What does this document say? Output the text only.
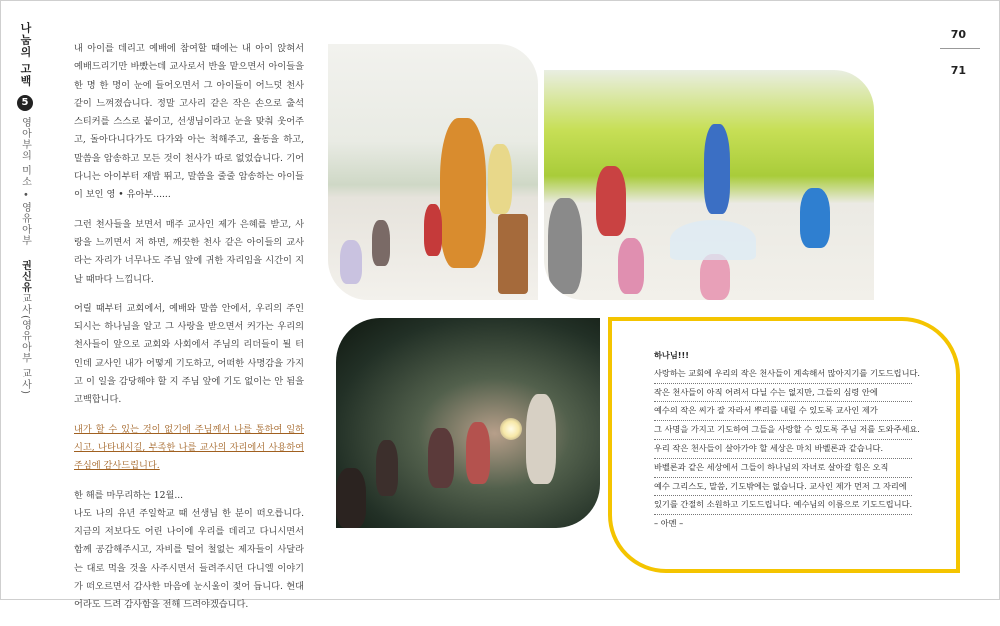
나눔의 고백
5
영아부의 미소 • 영유아부
권신유
교사(영유아부 교사)
70
71

내 아이를 데리고 예배에 참여할 때에는 내 아이 앉혀서 예배드리기만 바빴는데 교사로서 반을 맡으면서 아이들을 한 명 한 명이 눈에 들어오면서 그 아이들이 어느덧 천사 같이 느껴졌습니다. 정말 고사리 같은 작은 손으로 출석 스티커를 스스로 붙이고, 선생님이라고 눈을 맞춰 웃어주고, 돌아다니다가도 다가와 아는 척해주고, 율동을 하고, 말씀을 암송하고 모든 것이 천사가 따로 없었습니다. 기어 다니는 아이부터 재밥 뛰고, 말씀을 줄줄 암송하는 아이들이 보인 영 • 유아부......

그런 천사들을 보면서 매주 교사인 제가 은혜를 받고, 사랑을 느끼면서 저 하면, 깨끗한 천사 같은 아이들의 교사라는 자리가 너무나도 주님 앞에 귀한 자리임을 시간이 지날 때마다 느낍니다.

어릴 때부터 교회에서, 예배와 말씀 안에서, 우리의 주인 되시는 하나님을 알고 그 사랑을 받으면서 커가는 우리의 천사들이 앞으로 교회와 사회에서 주님의 리더들이 될 터인데 교사인 내가 어떻게 기도하고, 어떠한 사명감을 가지고 이 일을 감당해야 할 지 주님 앞에 기도 없이는 안 됨을 고백합니다.

내가 할 수 있는 것이 없기에 주님께서 나를 통하여 일하시고, 나타내시길, 부족한 나를 교사의 자리에서 사용하여 주심에 감사드립니다.

한 해를 마무리하는 12월...

나도 나의 유년 주일학교 때 선생님 한 분이 떠오릅니다. 지금의 저보다도 어린 나이에 우리를 데리고 다니시면서 함께 공감해주시고, 자비를 털어 철없는 제자들이 사달라는 대로 먹을 것을 사주시면서 들려주시던 다니엘 이야기가 떠오르면서 감사한 마음에 눈시울이 젖어 듭니다. 현대어라도 드려 감사함을 전해 드려야겠습니다.

하나님!!!
사랑하는 교회에 우리의 작은 천사들이 계속해서 많아지기를 기도드립니다.
작은 천사들이 아직 어려서 다닐 수는 없지만, 그들의 심령 안에
예수의 작은 씨가 잘 자라서 뿌리를 내릴 수 있도록 교사인 제가
그 사명을 가지고 기도하여 그들을 사랑할 수 있도록 주님 저를 도와주세요.
우리 작은 천사들이 살아가야 할 세상은 마치 바벨론과 같습니다.
바벨론과 같은 세상에서 그들이 하나님의 자녀로 살아갈 힘은 오직
예수 그리스도, 말씀, 기도밖에는 없습니다. 교사인 제가 먼저 그 자리에
있기를 간절히 소원하고 기도드립니다. 예수님의 이름으로 기도드립니다.
– 아멘 –
